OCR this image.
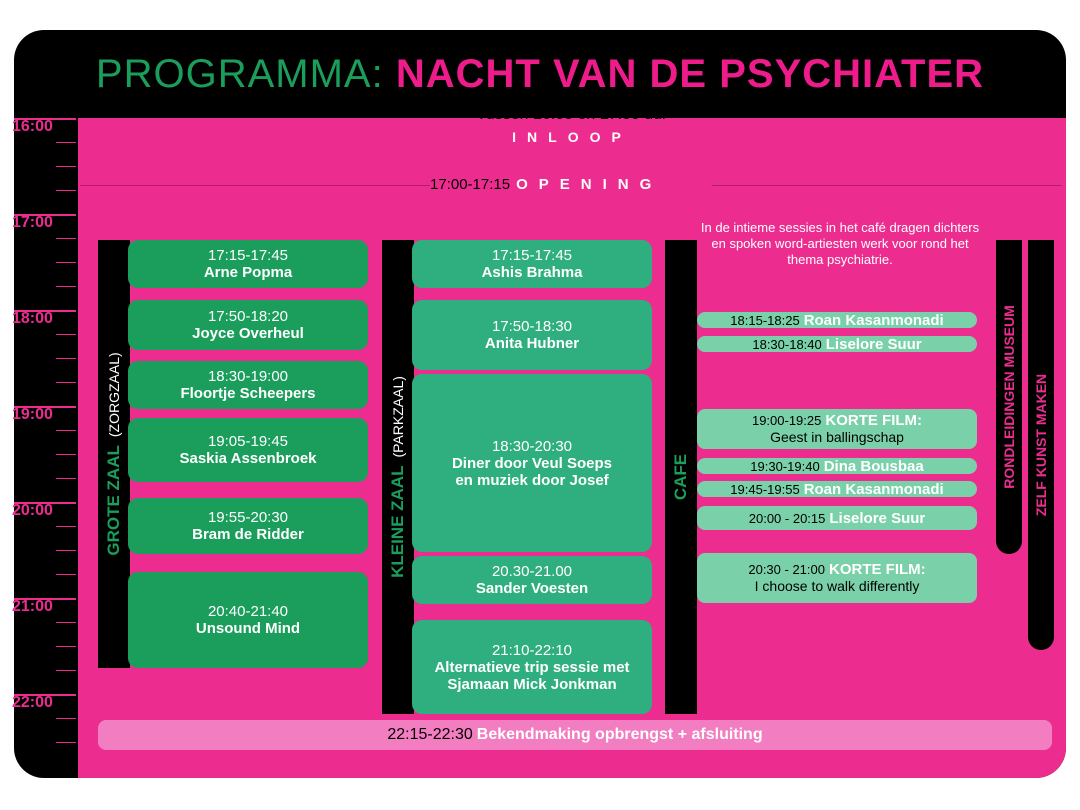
PROGRAMMA: NACHT VAN DE PSYCHIATER
16:00
17:00
18:00
19:00
20:00
21:00
22:00
Tussen 16:00 en 17:00 uur
INLOOP
17:00-17:15 OPENING
GROTE ZAAL(ZORGZAAL)
17:15-17:45
Arne Popma
17:50-18:20
Joyce Overheul
18:30-19:00
Floortje Scheepers
19:05-19:45
Saskia Assenbroek
19:55-20:30
Bram de Ridder
20:40-21:40
Unsound Mind
KLEINE ZAAL(PARKZAAL)
17:15-17:45
Ashis Brahma
17:50-18:30
Anita Hubner
18:30-20:30
Diner door Veul Soeps
en muziek door Josef
20.30-21.00
Sander Voesten
21:10-22:10
Alternatieve trip sessie met
Sjamaan Mick Jonkman
CAFE
In de intieme sessies in het café dragen dichters en spoken word-artiesten werk voor rond het thema psychiatrie.
18:15-18:25 Roan Kasanmonadi
18:30-18:40 Liselore Suur
19:00-19:25 KORTE FILM:
Geest in ballingschap
19:30-19:40 Dina Bousbaa
19:45-19:55 Roan Kasanmonadi
20:00 - 20:15 Liselore Suur
20:30 - 21:00 KORTE FILM:
I choose to walk differently
RONDLEIDINGEN MUSEUM ZELF KUNST MAKEN
22:15-22:30 Bekendmaking opbrengst + afsluiting
